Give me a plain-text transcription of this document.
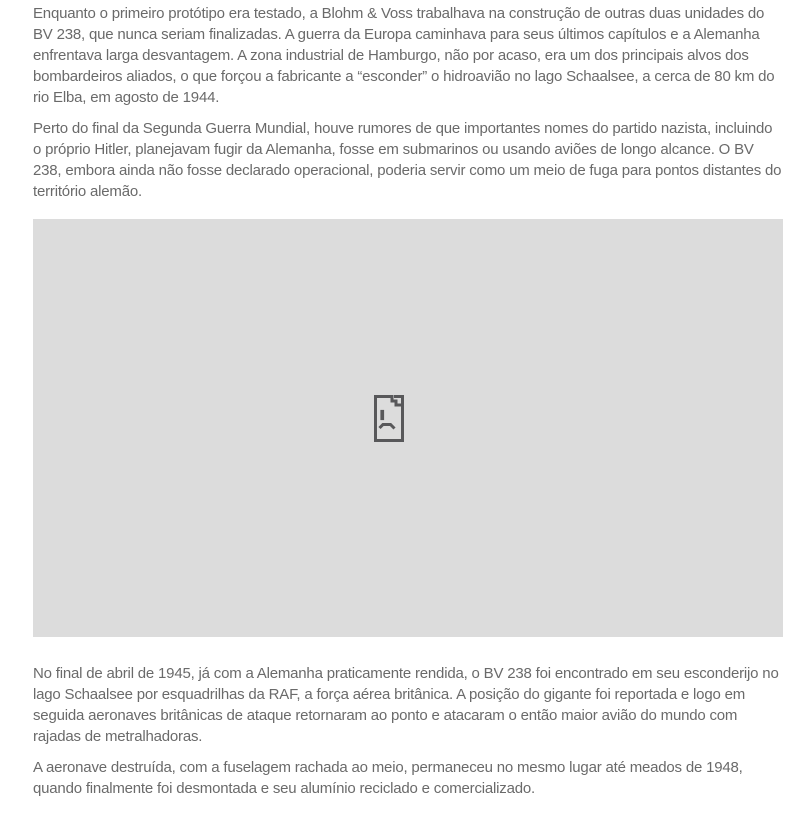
Enquanto o primeiro protótipo era testado, a Blohm & Voss trabalhava na construção de outras duas unidades do BV 238, que nunca seriam finalizadas. A guerra da Europa caminhava para seus últimos capítulos e a Alemanha enfrentava larga desvantagem. A zona industrial de Hamburgo, não por acaso, era um dos principais alvos dos bombardeiros aliados, o que forçou a fabricante a “esconder” o hidroavião no lago Schaalsee, a cerca de 80 km do rio Elba, em agosto de 1944.

Perto do final da Segunda Guerra Mundial, houve rumores de que importantes nomes do partido nazista, incluindo o próprio Hitler, planejavam fugir da Alemanha, fosse em submarinos ou usando aviões de longo alcance. O BV 238, embora ainda não fosse declarado operacional, poderia servir como um meio de fuga para pontos distantes do território alemão.

No final de abril de 1945, já com a Alemanha praticamente rendida, o BV 238 foi encontrado em seu esconderijo no lago Schaalsee por esquadrilhas da RAF, a força aérea britânica. A posição do gigante foi reportada e logo em seguida aeronaves britânicas de ataque retornaram ao ponto e atacaram o então maior avião do mundo com rajadas de metralhadoras.

A aeronave destruída, com a fuselagem rachada ao meio, permaneceu no mesmo lugar até meados de 1948, quando finalmente foi desmontada e seu alumínio reciclado e comercializado.
